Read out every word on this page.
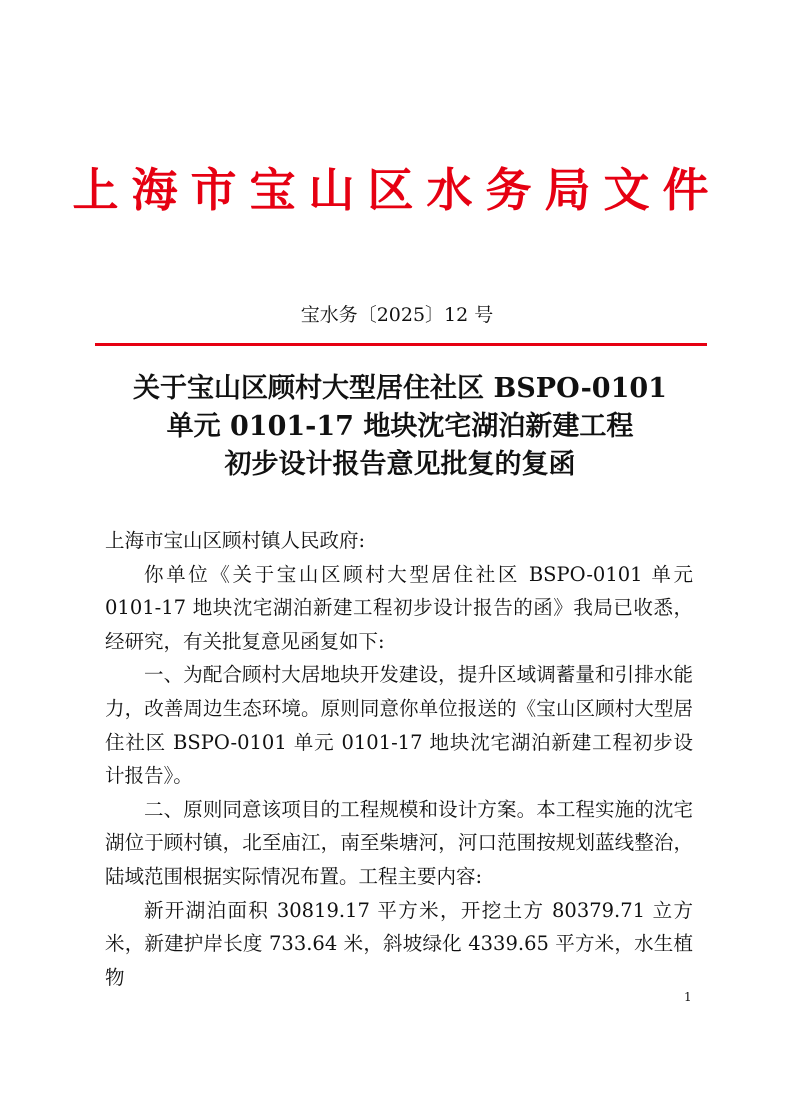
上海市宝山区水务局文件
宝水务〔2025〕12 号
关于宝山区顾村大型居住社区 BSPO-0101
单元 0101-17 地块沈宅湖泊新建工程
初步设计报告意见批复的复函

上海市宝山区顾村镇人民政府:

你单位《关于宝山区顾村大型居住社区 BSPO-0101 单元 0101-17 地块沈宅湖泊新建工程初步设计报告的函》我局已收悉，经研究，有关批复意见函复如下:

一、为配合顾村大居地块开发建设，提升区域调蓄量和引排水能力，改善周边生态环境。原则同意你单位报送的《宝山区顾村大型居住社区 BSPO-0101 单元 0101-17 地块沈宅湖泊新建工程初步设计报告》。

二、原则同意该项目的工程规模和设计方案。本工程实施的沈宅湖位于顾村镇，北至庙江，南至柴塘河，河口范围按规划蓝线整治，陆域范围根据实际情况布置。工程主要内容:

新开湖泊面积 30819.17 平方米，开挖土方 80379.71 立方米，新建护岸长度 733.64 米，斜坡绿化 4339.65 平方米，水生植物

1
